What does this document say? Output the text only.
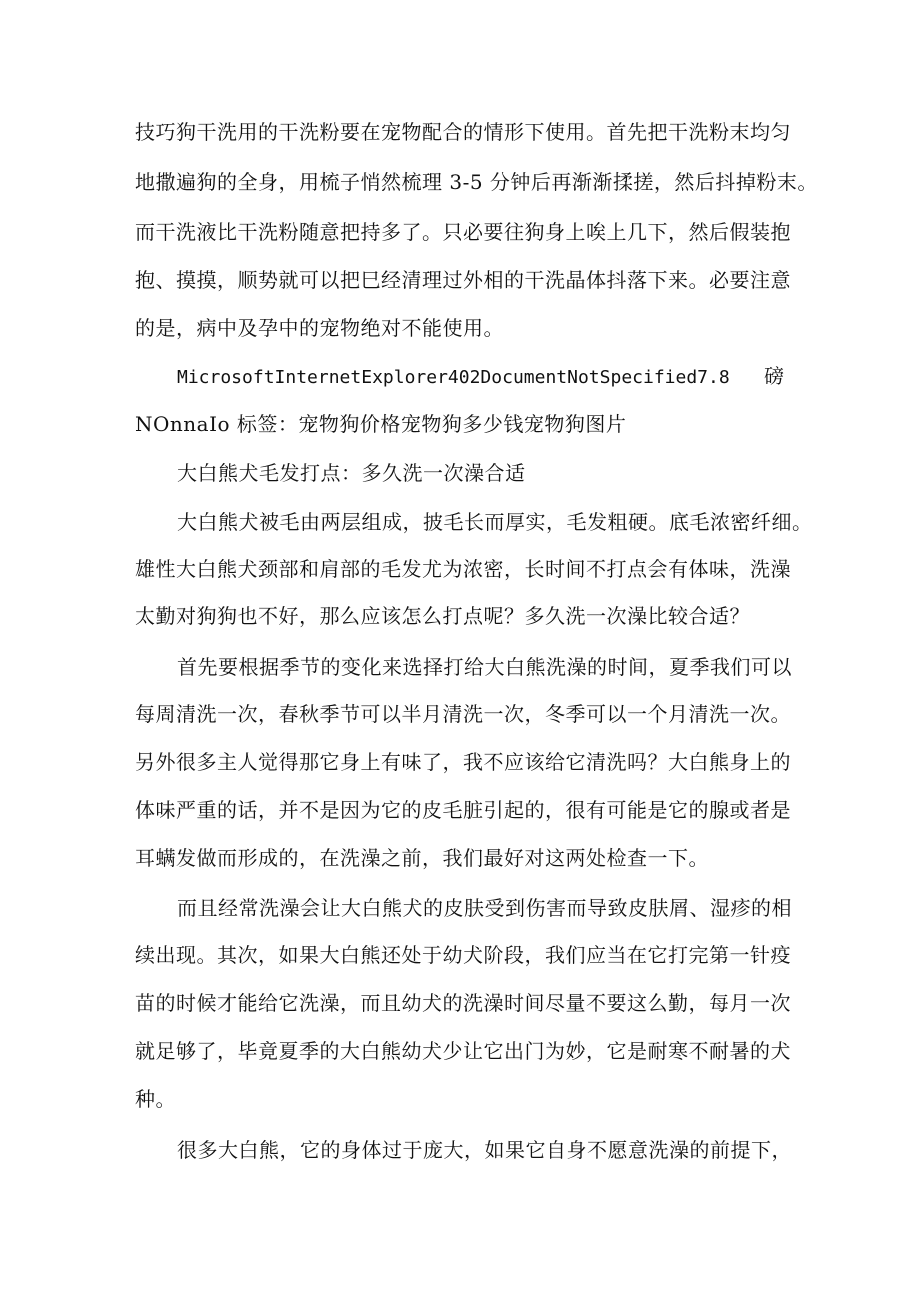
技巧狗干洗用的干洗粉要在宠物配合的情形下使用。首先把干洗粉末均匀
地撒遍狗的全身，用梳子悄然梳理 3-5 分钟后再渐渐揉搓，然后抖掉粉末。
而干洗液比干洗粉随意把持多了。只必要往狗身上唉上几下，然后假装抱
抱、摸摸，顺势就可以把巳经清理过外相的干洗晶体抖落下来。必要注意
的是，病中及孕中的宠物绝对不能使用。
MicrosoftInternetExplorer402DocumentNotSpecified7.8 磅
NOnnaIo 标签：宠物狗价格宠物狗多少钱宠物狗图片
大白熊犬毛发打点：多久洗一次澡合适
大白熊犬被毛由两层组成，披毛长而厚实，毛发粗硬。底毛浓密纤细。
雄性大白熊犬颈部和肩部的毛发尤为浓密，长时间不打点会有体味，洗澡
太勤对狗狗也不好，那么应该怎么打点呢？多久洗一次澡比较合适？
首先要根据季节的变化来选择打给大白熊洗澡的时间，夏季我们可以
每周清洗一次，春秋季节可以半月清洗一次，冬季可以一个月清洗一次。
另外很多主人觉得那它身上有味了，我不应该给它清洗吗？大白熊身上的
体味严重的话，并不是因为它的皮毛脏引起的，很有可能是它的腺或者是
耳螨发做而形成的，在洗澡之前，我们最好对这两处检查一下。
而且经常洗澡会让大白熊犬的皮肤受到伤害而导致皮肤屑、湿疹的相
续出现。其次，如果大白熊还处于幼犬阶段，我们应当在它打完第一针疫
苗的时候才能给它洗澡，而且幼犬的洗澡时间尽量不要这么勤，每月一次
就足够了，毕竟夏季的大白熊幼犬少让它出门为妙，它是耐寒不耐暑的犬
种。
很多大白熊，它的身体过于庞大，如果它自身不愿意洗澡的前提下，
